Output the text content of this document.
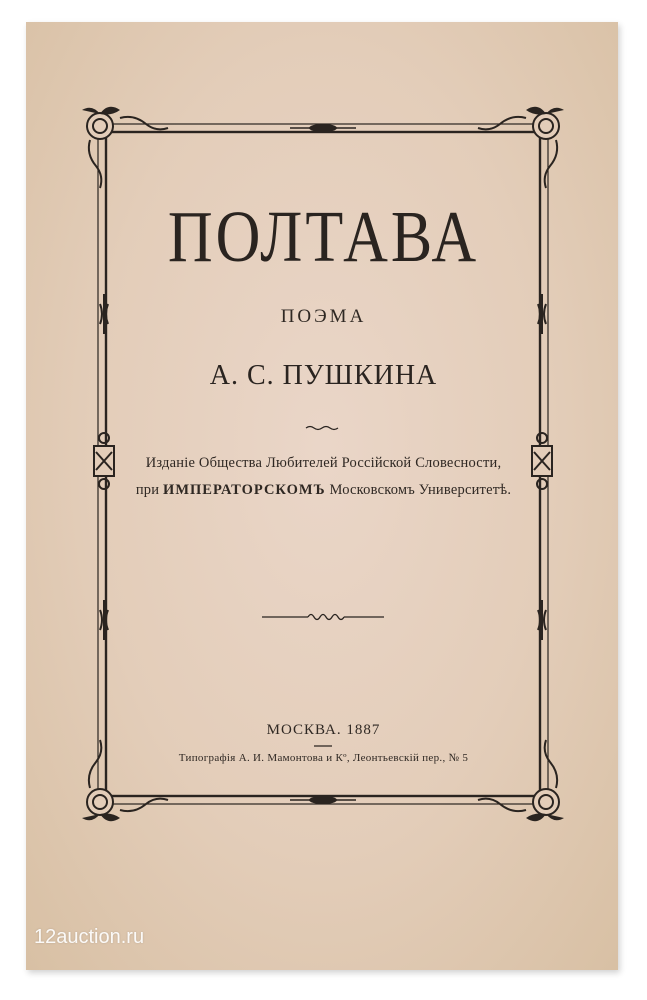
ПОЛТАВА
ПОЭМА
А. С. ПУШКИНА
Изданіе Общества Любителей Россійской Словесности,
при ИМПЕРАТОРСКОМЪ Московскомъ Университетѣ.
МОСКВА. 1887
Типографія А. И. Мамонтова и Кº, Леонтьевскій пер., № 5
12auction.ru
